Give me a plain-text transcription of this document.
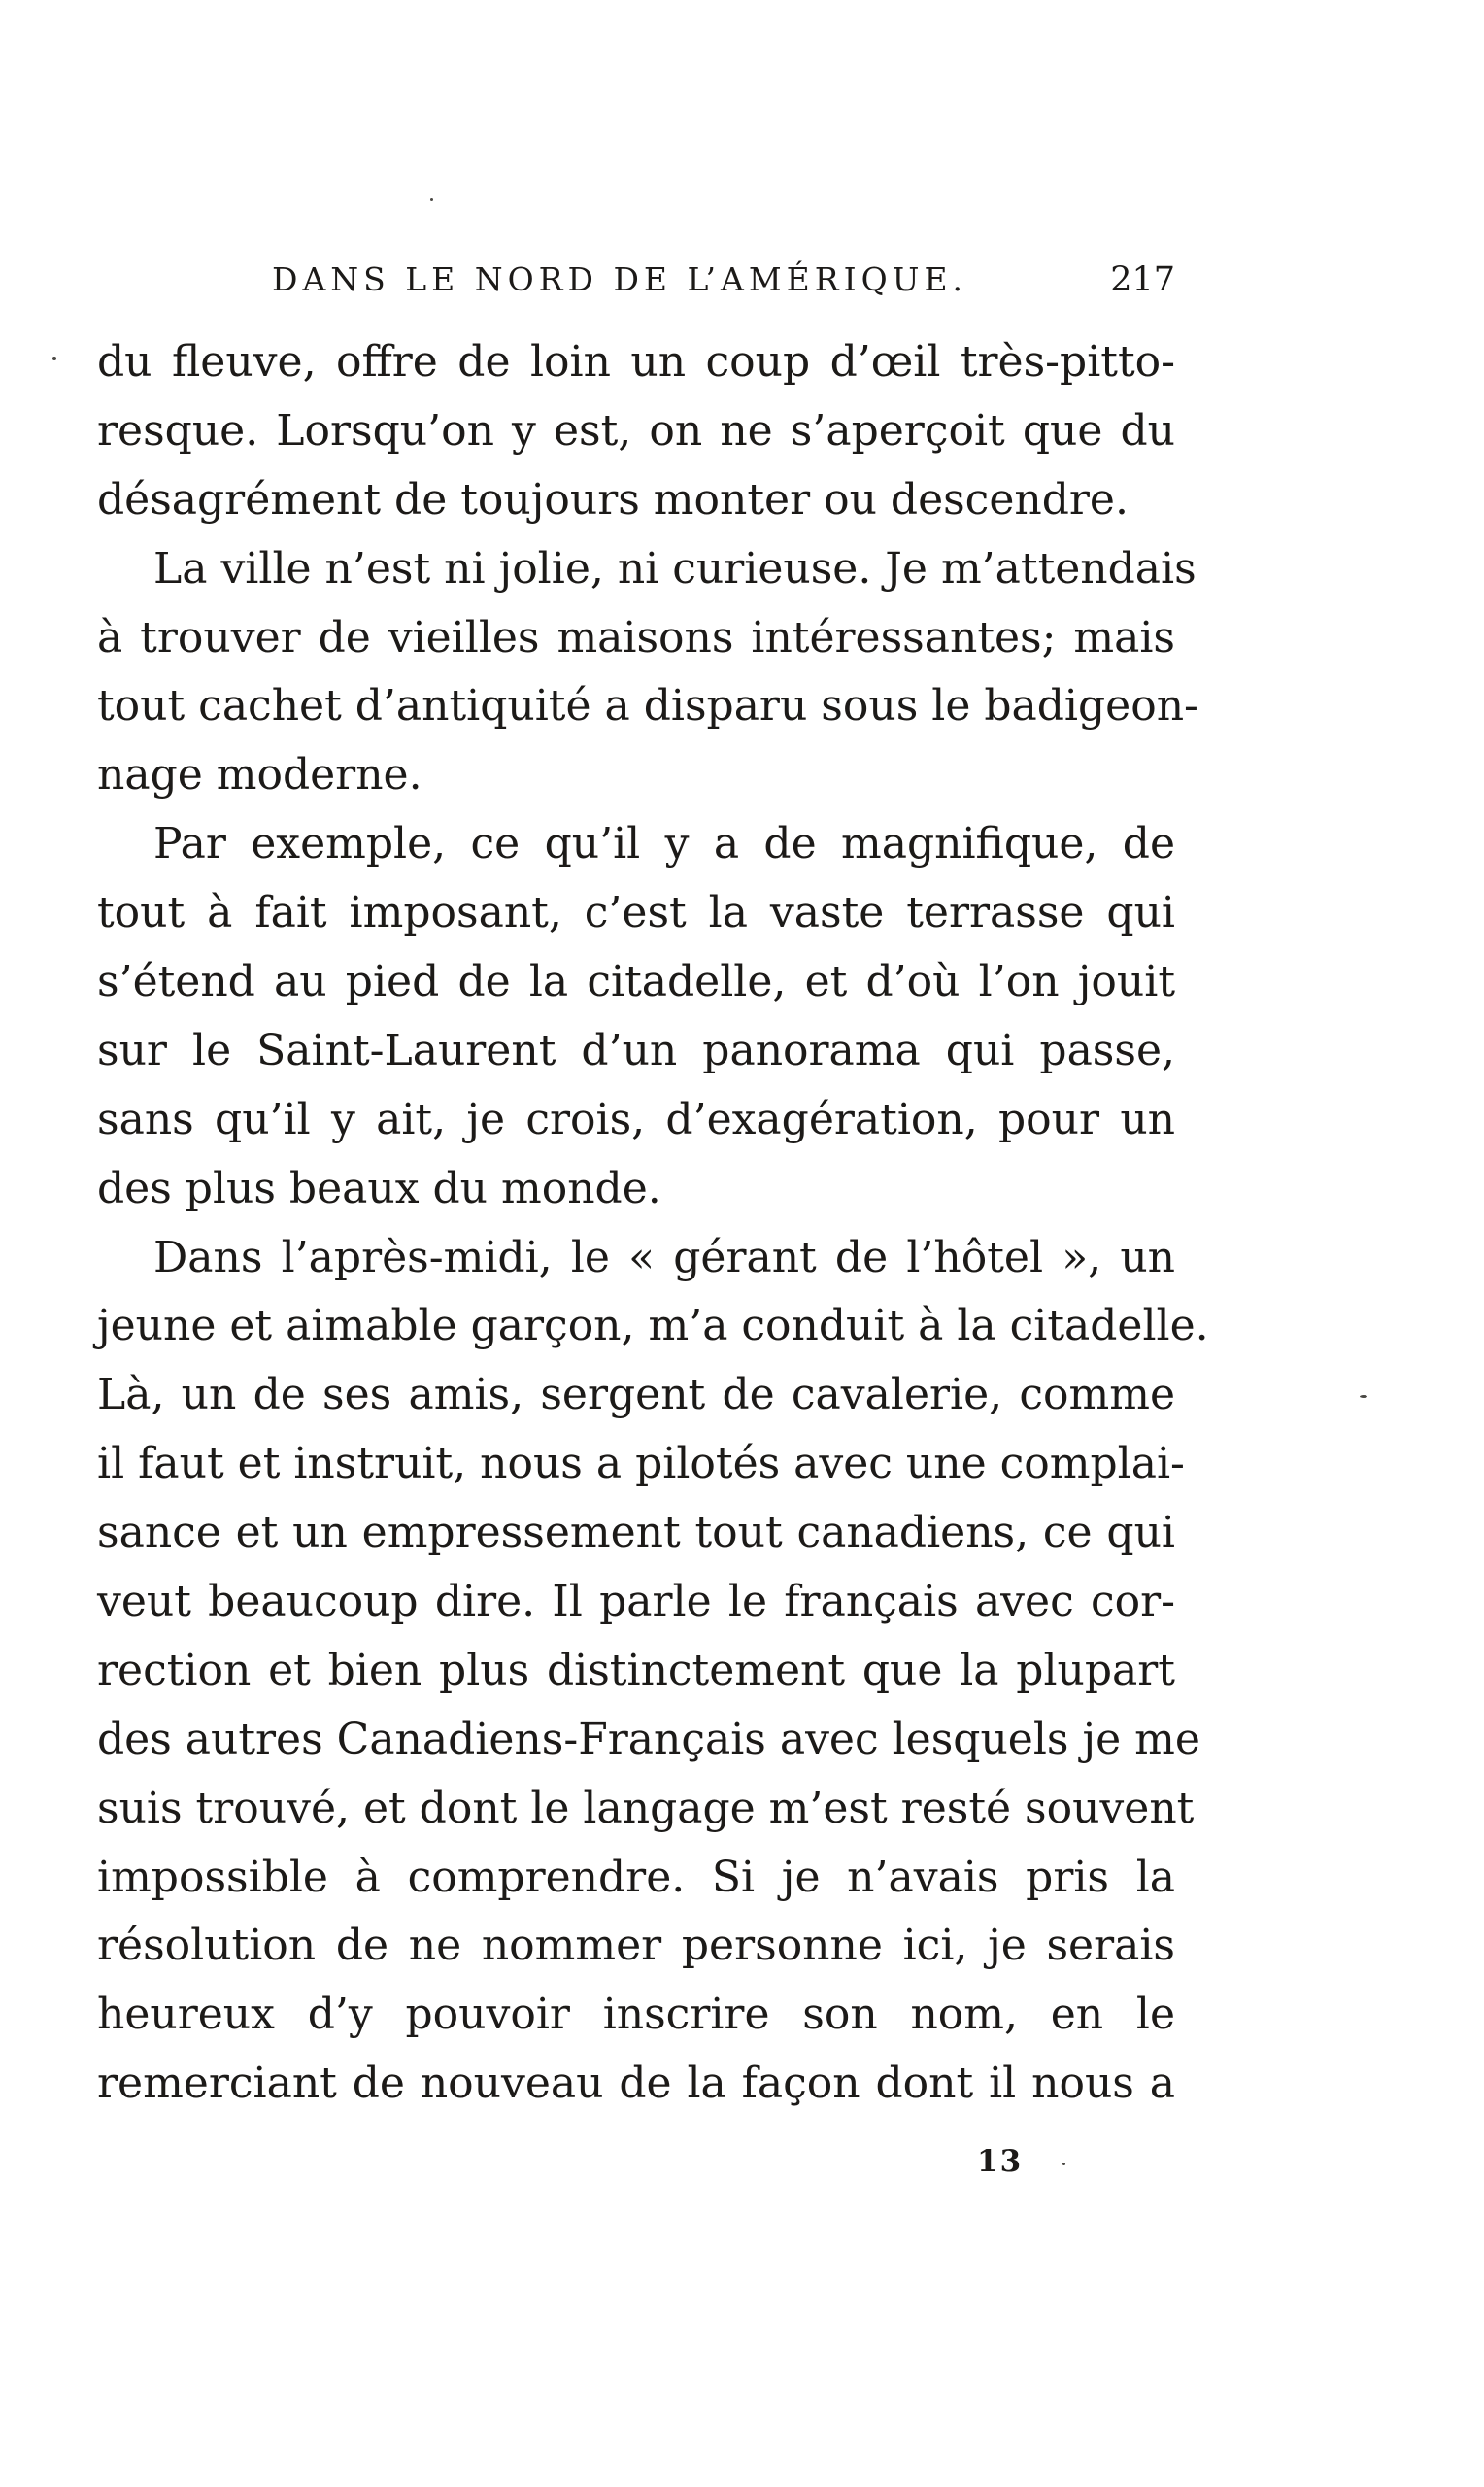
DANS LE NORD DE L’AMÉRIQUE.	217
du fleuve, offre de loin un coup d’œil très-pitto-
resque. Lorsqu’on y est, on ne s’aperçoit que du
désagrément de toujours monter ou descendre.
La ville n’est ni jolie, ni curieuse. Je m’attendais
à trouver de vieilles maisons intéressantes; mais
tout cachet d’antiquité a disparu sous le badigeon-
nage moderne.
Par exemple, ce qu’il y a de magnifique, de
tout à fait imposant, c’est la vaste terrasse qui
s’étend au pied de la citadelle, et d’où l’on jouit
sur le Saint-Laurent d’un panorama qui passe,
sans qu’il y ait, je crois, d’exagération, pour un
des plus beaux du monde.
Dans l’après-midi, le « gérant de l’hôtel », un
jeune et aimable garçon, m’a conduit à la citadelle.
Là, un de ses amis, sergent de cavalerie, comme
il faut et instruit, nous a pilotés avec une complai-
sance et un empressement tout canadiens, ce qui
veut beaucoup dire. Il parle le français avec cor-
rection et bien plus distinctement que la plupart
des autres Canadiens-Français avec lesquels je me
suis trouvé, et dont le langage m’est resté souvent
impossible à comprendre. Si je n’avais pris la
résolution de ne nommer personne ici, je serais
heureux d’y pouvoir inscrire son nom, en le
remerciant de nouveau de la façon dont il nous a
13
